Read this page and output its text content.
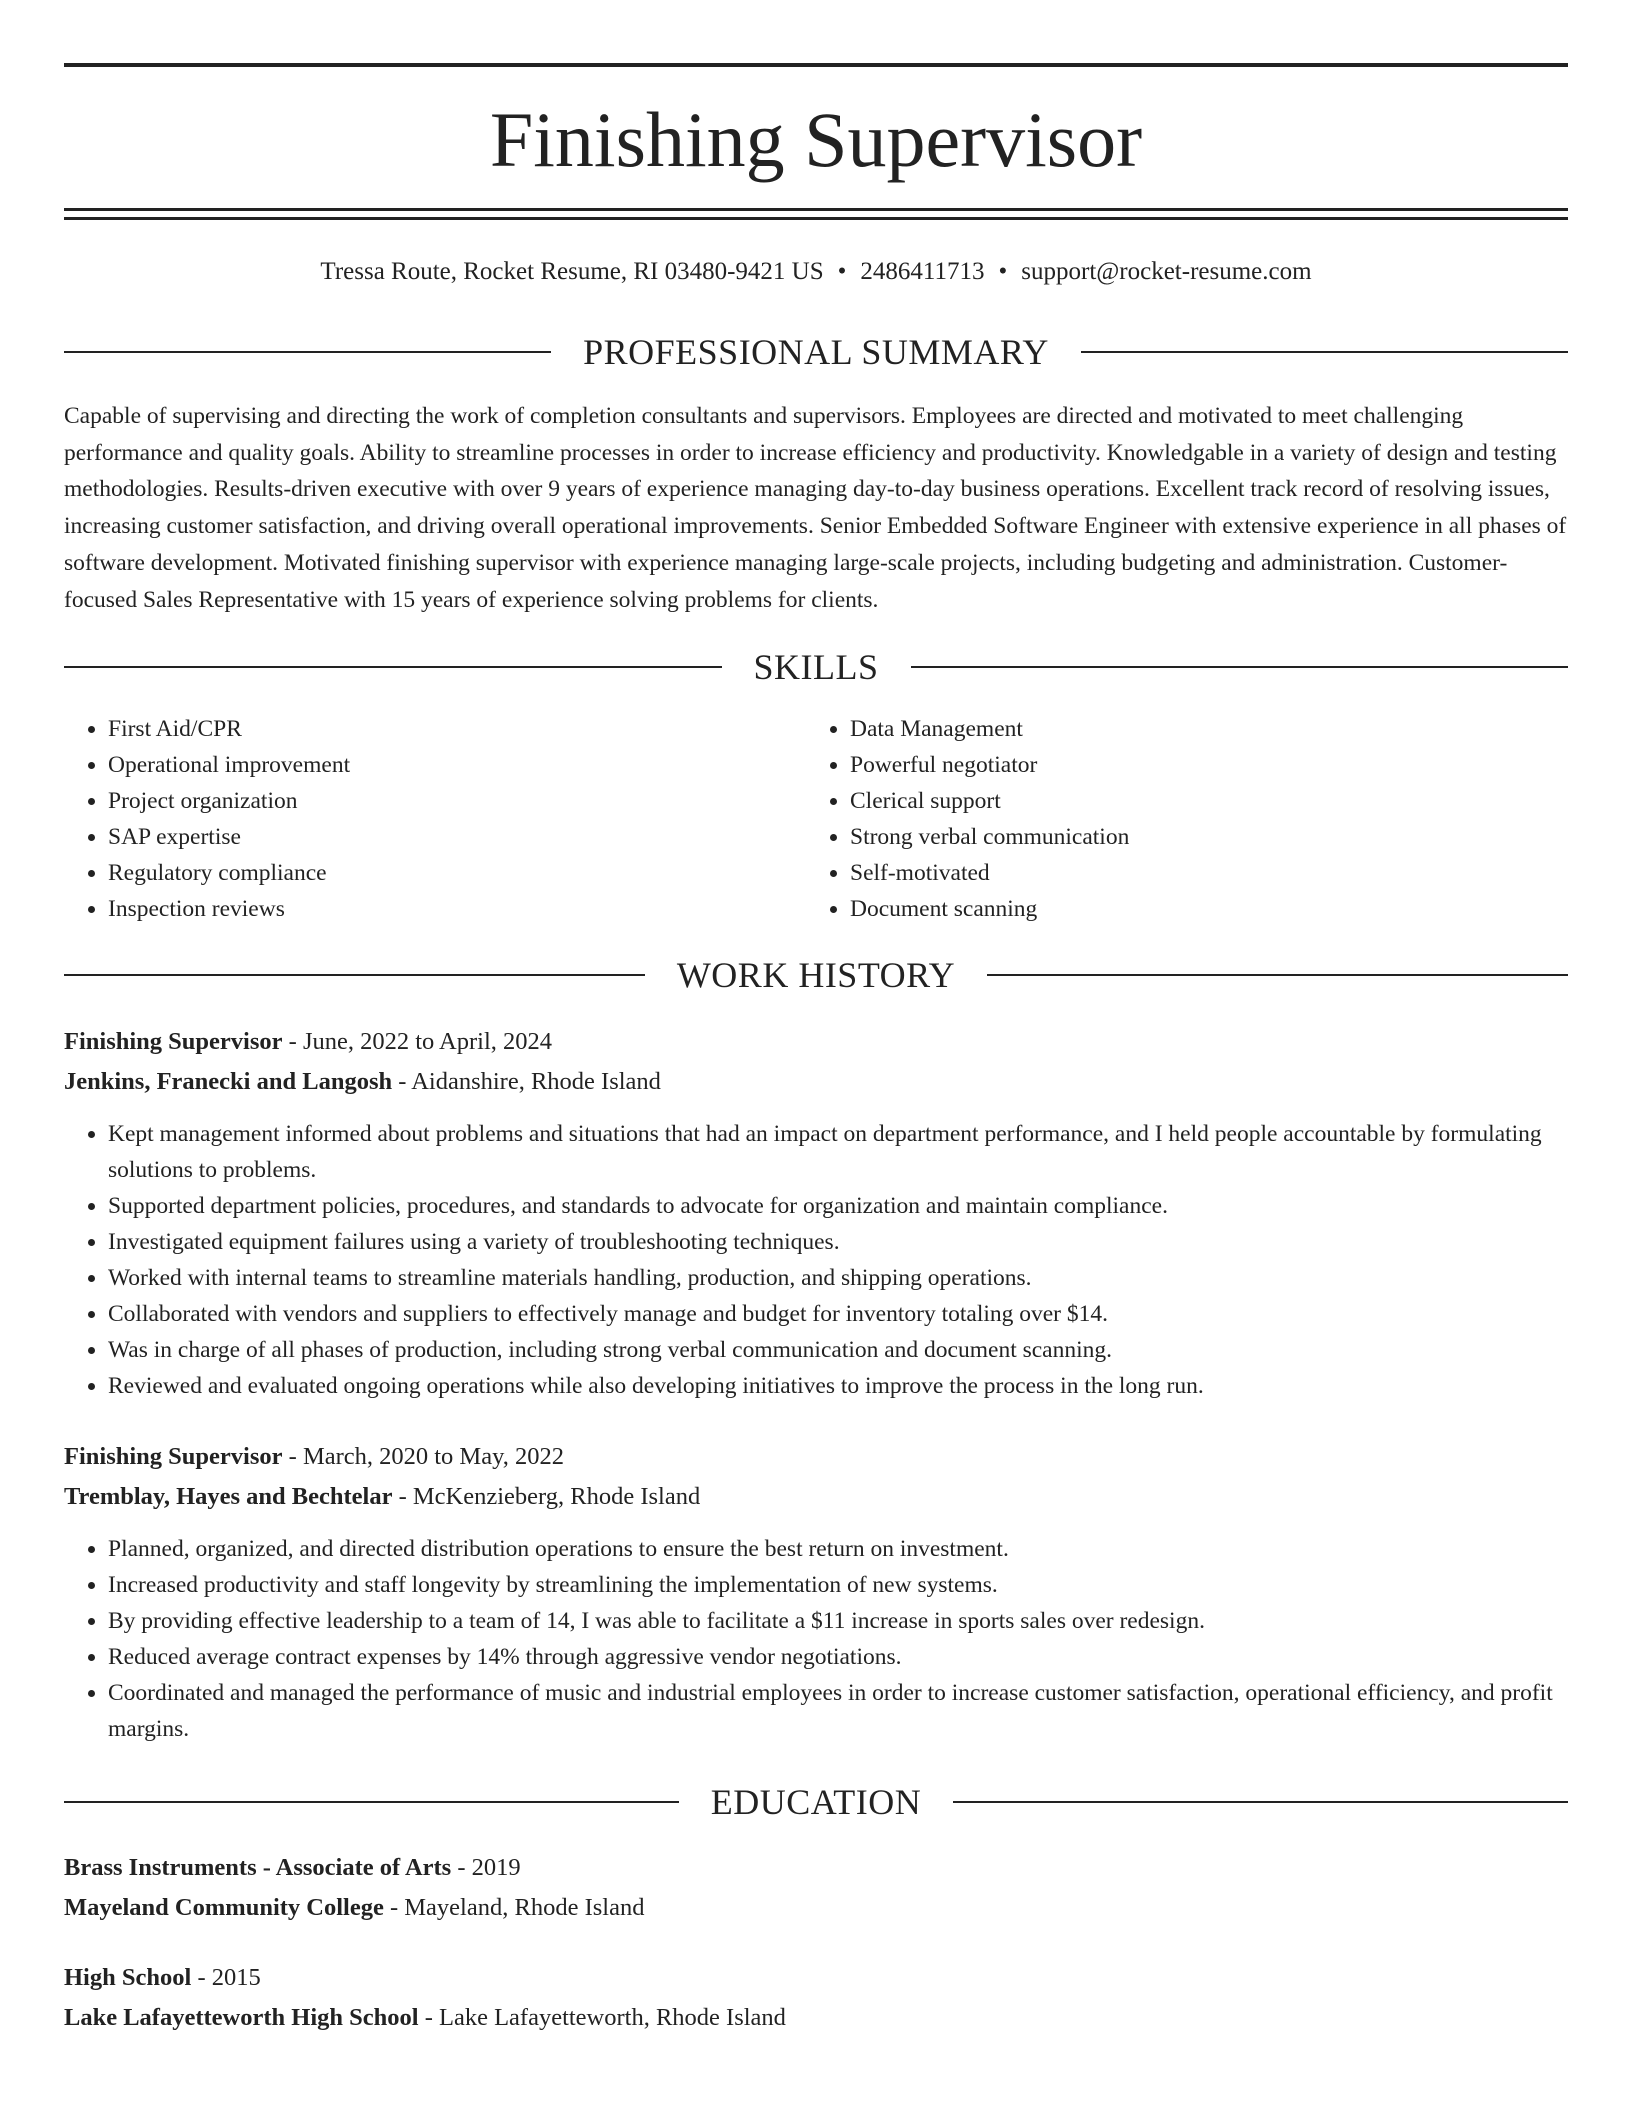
Finishing Supervisor
Tressa Route, Rocket Resume, RI 03480-9421 US • 2486411713 • support@rocket-resume.com
PROFESSIONAL SUMMARY

Capable of supervising and directing the work of completion consultants and supervisors. Employees are directed and motivated to meet challenging performance and quality goals. Ability to streamline processes in order to increase efficiency and productivity. Knowledgable in a variety of design and testing methodologies. Results-driven executive with over 9 years of experience managing day-to-day business operations. Excellent track record of resolving issues, increasing customer satisfaction, and driving overall operational improvements. Senior Embedded Software Engineer with extensive experience in all phases of software development. Motivated finishing supervisor with experience managing large-scale projects, including budgeting and administration. Customer-focused Sales Representative with 15 years of experience solving problems for clients.

SKILLS
• First Aid/CPR
• Operational improvement
• Project organization
• SAP expertise
• Regulatory compliance
• Inspection reviews
• Data Management
• Powerful negotiator
• Clerical support
• Strong verbal communication
• Self-motivated
• Document scanning
WORK HISTORY
Finishing Supervisor - June, 2022 to April, 2024
Jenkins, Franecki and Langosh - Aidanshire, Rhode Island
• Kept management informed about problems and situations that had an impact on department performance, and I held people accountable by formulating solutions to problems.
• Supported department policies, procedures, and standards to advocate for organization and maintain compliance.
• Investigated equipment failures using a variety of troubleshooting techniques.
• Worked with internal teams to streamline materials handling, production, and shipping operations.
• Collaborated with vendors and suppliers to effectively manage and budget for inventory totaling over $14.
• Was in charge of all phases of production, including strong verbal communication and document scanning.
• Reviewed and evaluated ongoing operations while also developing initiatives to improve the process in the long run.
Finishing Supervisor - March, 2020 to May, 2022
Tremblay, Hayes and Bechtelar - McKenzieberg, Rhode Island
• Planned, organized, and directed distribution operations to ensure the best return on investment.
• Increased productivity and staff longevity by streamlining the implementation of new systems.
• By providing effective leadership to a team of 14, I was able to facilitate a $11 increase in sports sales over redesign.
• Reduced average contract expenses by 14% through aggressive vendor negotiations.
• Coordinated and managed the performance of music and industrial employees in order to increase customer satisfaction, operational efficiency, and profit margins.
EDUCATION
Brass Instruments - Associate of Arts - 2019
Mayeland Community College - Mayeland, Rhode Island
High School - 2015
Lake Lafayetteworth High School - Lake Lafayetteworth, Rhode Island
